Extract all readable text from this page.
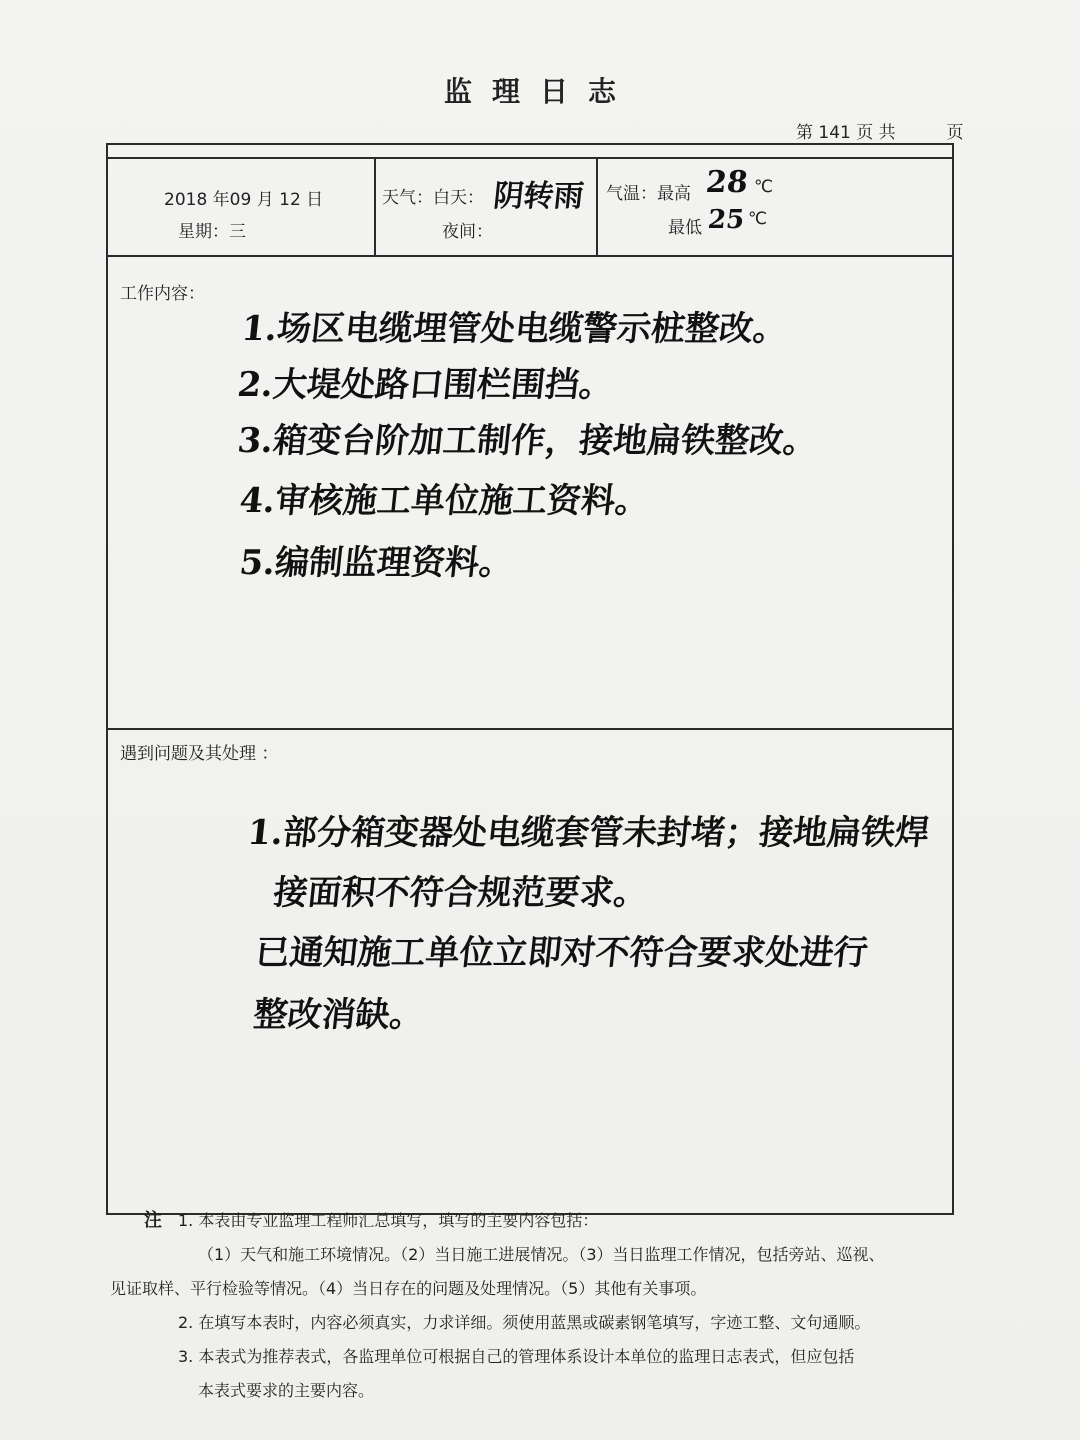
监理日志
第 141 页 共	页
2018 年09 月 12 日
星期：三
天气：白天： 阴转雨
夜间：
气温：最高 28 ℃
最低 25 ℃
工作内容：
1.场区电缆埋管处电缆警示桩整改。
2.大堤处路口围栏围挡。
3.箱变台阶加工制作，接地扁铁整改。
4.审核施工单位施工资料。
5.编制监理资料。
遇到问题及其处理 ：
1.部分箱变器处电缆套管未封堵；接地扁铁焊
接面积不符合规范要求。
已通知施工单位立即对不符合要求处进行
整改消缺。
注 1. 本表由专业监理工程师汇总填写，填写的主要内容包括：
（1）天气和施工环境情况。（2）当日施工进展情况。（3）当日监理工作情况，包括旁站、巡视、
见证取样、平行检验等情况。（4）当日存在的问题及处理情况。（5）其他有关事项。
2. 在填写本表时，内容必须真实，力求详细。须使用蓝黑或碳素钢笔填写，字迹工整、文句通顺。
3. 本表式为推荐表式，各监理单位可根据自己的管理体系设计本单位的监理日志表式，但应包括
本表式要求的主要内容。
